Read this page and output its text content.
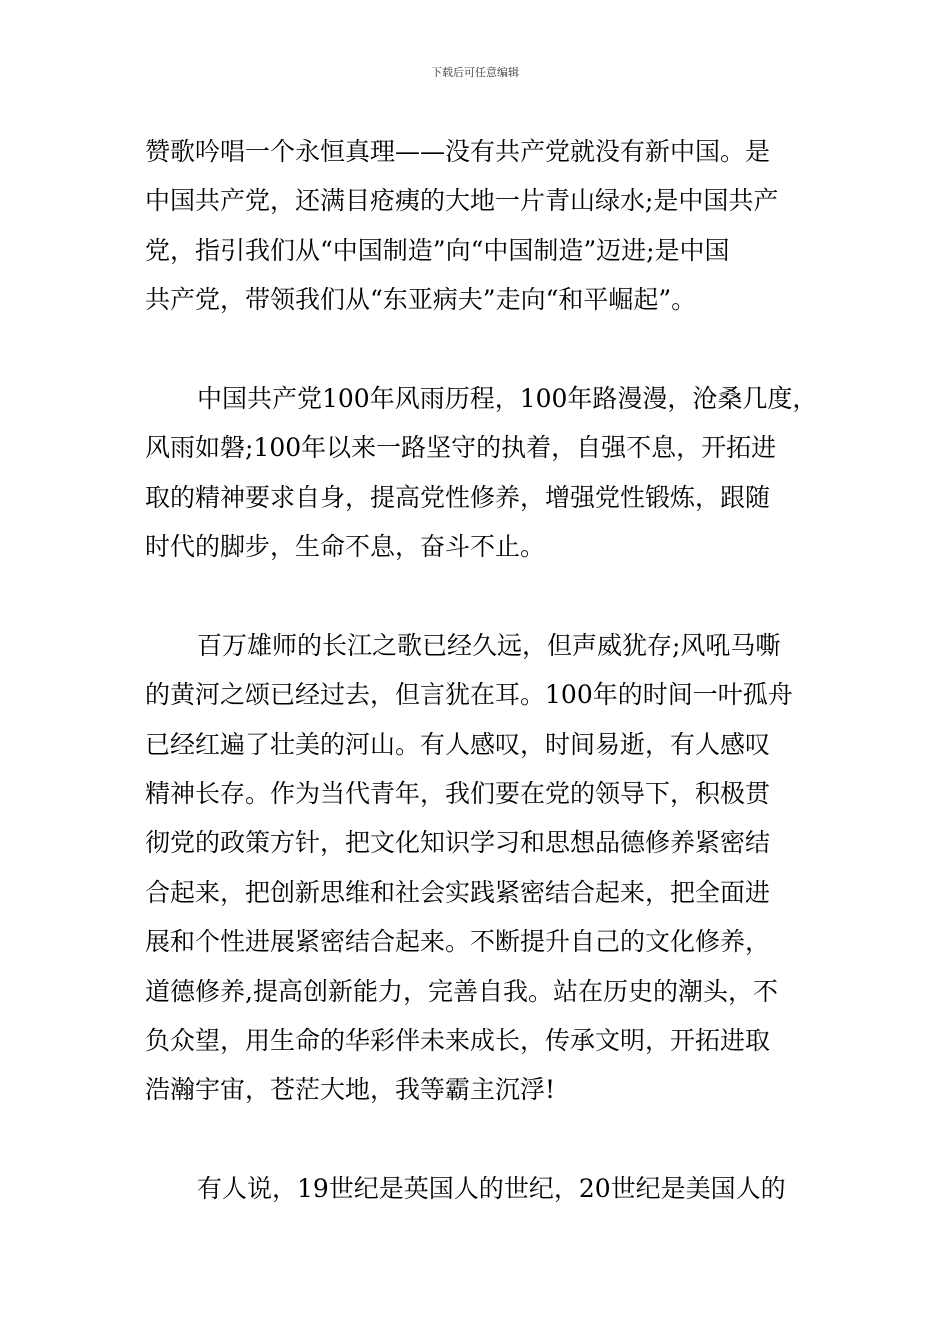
下载后可任意编辑
赞歌吟唱一个永恒真理——没有共产党就没有新中国。是
中国共产党，还满目疮痍的大地一片青山绿水;是中国共产
党，指引我们从“中国制造”向“中国制造”迈进;是中国
共产党，带领我们从“东亚病夫”走向“和平崛起”。
中国共产党100年风雨历程，100年路漫漫，沧桑几度，
风雨如磐;100年以来一路坚守的执着，自强不息，开拓进
取的精神要求自身，提高党性修养，增强党性锻炼，跟随
时代的脚步，生命不息，奋斗不止。
百万雄师的长江之歌已经久远，但声威犹存;风吼马嘶
的黄河之颂已经过去，但言犹在耳。100年的时间一叶孤舟
已经红遍了壮美的河山。有人感叹，时间易逝，有人感叹
精神长存。作为当代青年，我们要在党的领导下，积极贯
彻党的政策方针，把文化知识学习和思想品德修养紧密结
合起来，把创新思维和社会实践紧密结合起来，把全面进
展和个性进展紧密结合起来。不断提升自己的文化修养，
道德修养,提高创新能力，完善自我。站在历史的潮头，不
负众望，用生命的华彩伴未来成长，传承文明，开拓进取
浩瀚宇宙，苍茫大地，我等霸主沉浮!
有人说，19世纪是英国人的世纪，20世纪是美国人的
